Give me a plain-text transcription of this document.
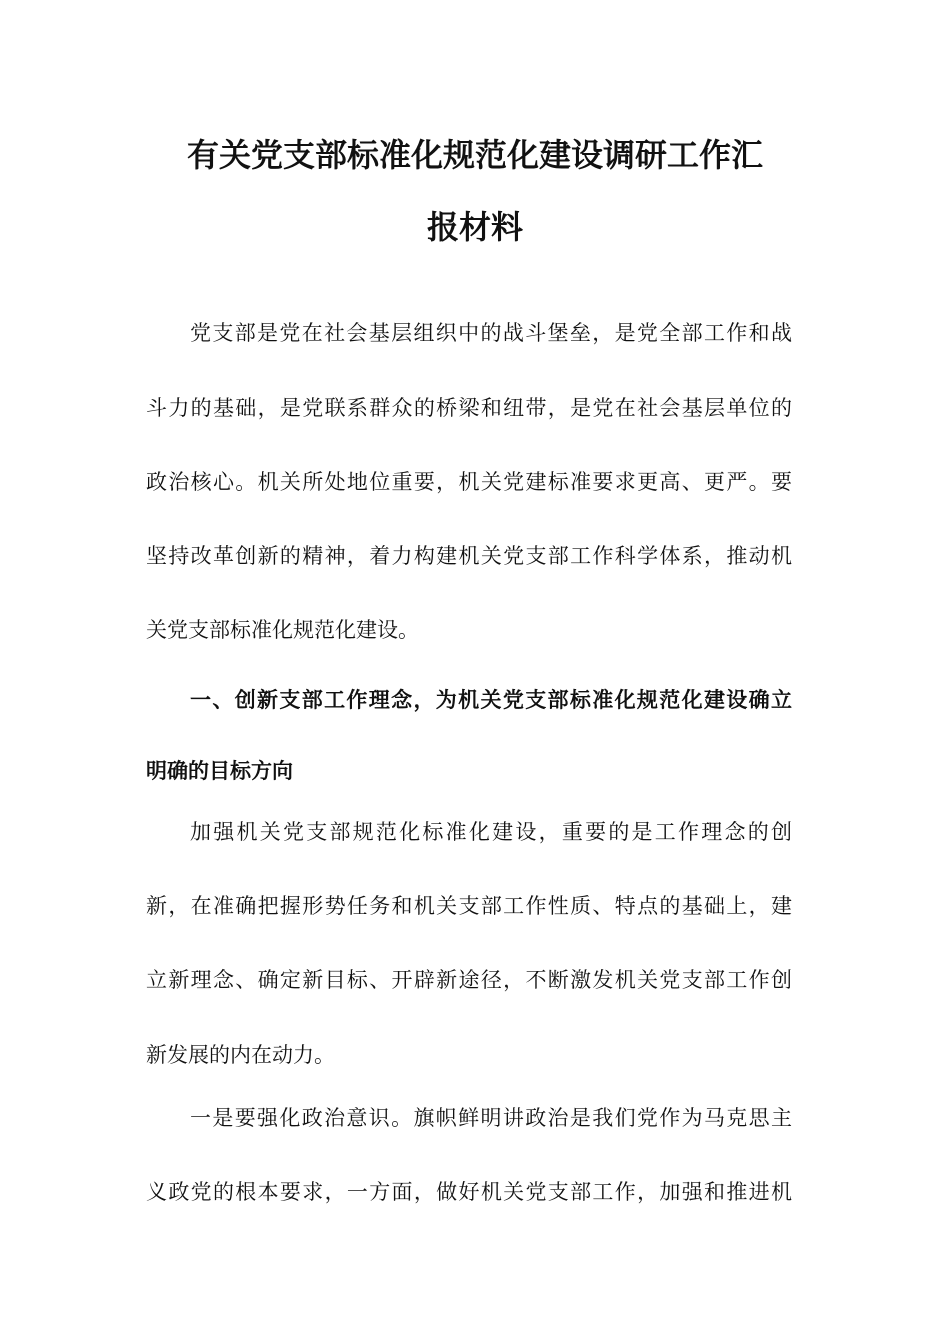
有关党支部标准化规范化建设调研工作汇
报材料

党支部是党在社会基层组织中的战斗堡垒，是党全部工作和战

斗力的基础，是党联系群众的桥梁和纽带，是党在社会基层单位的

政治核心。机关所处地位重要，机关党建标准要求更高、更严。要

坚持改革创新的精神，着力构建机关党支部工作科学体系，推动机

关党支部标准化规范化建设。

一、创新支部工作理念，为机关党支部标准化规范化建设确立

明确的目标方向

加强机关党支部规范化标准化建设，重要的是工作理念的创

新，在准确把握形势任务和机关支部工作性质、特点的基础上，建

立新理念、确定新目标、开辟新途径，不断激发机关党支部工作创

新发展的内在动力。

一是要强化政治意识。旗帜鲜明讲政治是我们党作为马克思主

义政党的根本要求，一方面，做好机关党支部工作，加强和推进机
